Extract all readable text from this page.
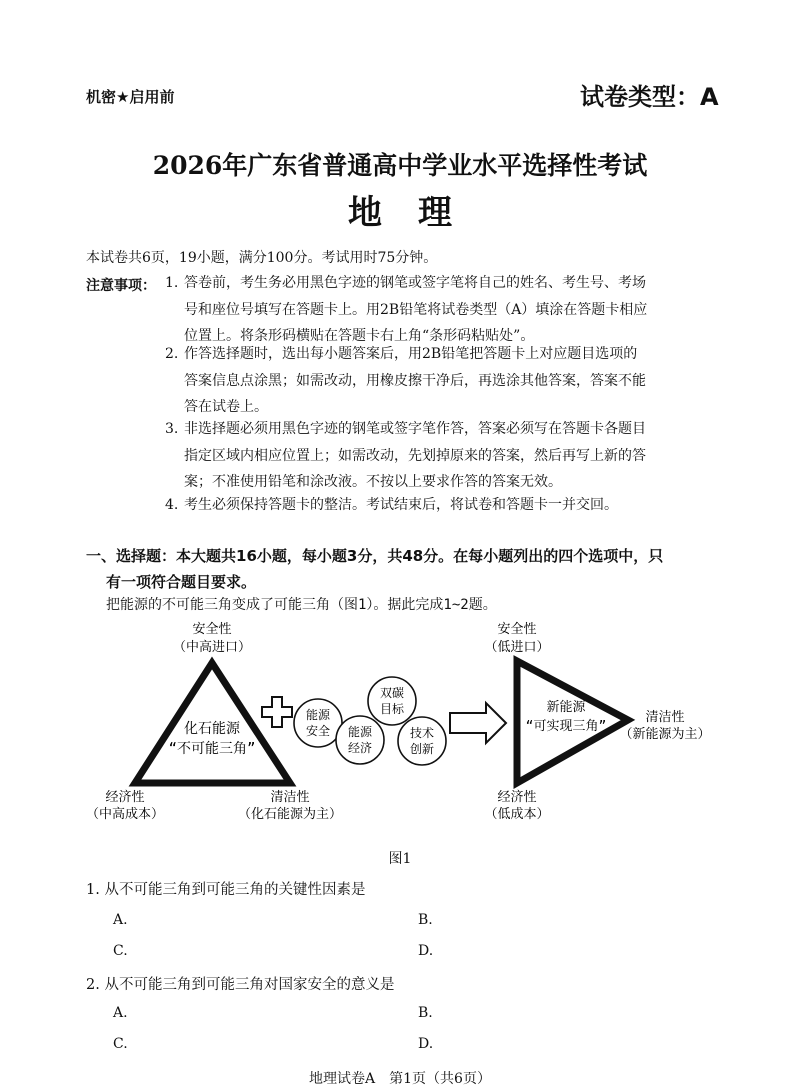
机密★启用前	试卷类型：A
2026年广东省普通高中学业水平选择性考试
地理
本试卷共6页，19小题，满分100分。考试用时75分钟。
注意事项： 1. 答卷前，考生务必用黑色字迹的钢笔或签字笔将自己的姓名、考生号、考场
号和座位号填写在答题卡上。用2B铅笔将试卷类型（A）填涂在答题卡相应
位置上。将条形码横贴在答题卡右上角“条形码粘贴处”。
2. 作答选择题时，选出每小题答案后，用2B铅笔把答题卡上对应题目选项的
答案信息点涂黑；如需改动，用橡皮擦干净后，再选涂其他答案，答案不能
答在试卷上。
3. 非选择题必须用黑色字迹的钢笔或签字笔作答，答案必须写在答题卡各题目
指定区域内相应位置上；如需改动，先划掉原来的答案，然后再写上新的答
案；不准使用铅笔和涂改液。不按以上要求作答的答案无效。
4. 考生必须保持答题卡的整洁。考试结束后，将试卷和答题卡一并交回。
一、选择题：本大题共16小题，每小题3分，共48分。在每小题列出的四个选项中，只
有一项符合题目要求。
把能源的不可能三角变成了可能三角（图1）。据此完成1~2题。
安全性
（中高进口）
化石能源
“不可能三角”
经济性
（中高成本）
清洁性
（化石能源为主）
能源
安全 能源
经济
双碳
目标
技术
创新
安全性
（低进口）
新能源
“可实现三角”
清洁性
（新能源为主）
经济性
（低成本）
图1
1. 从不可能三角到可能三角的关键性因素是
A.	B.
C.	D.
2. 从不可能三角到可能三角对国家安全的意义是
A.	B.
C.	D.
地理试卷A　第1页（共6页）
